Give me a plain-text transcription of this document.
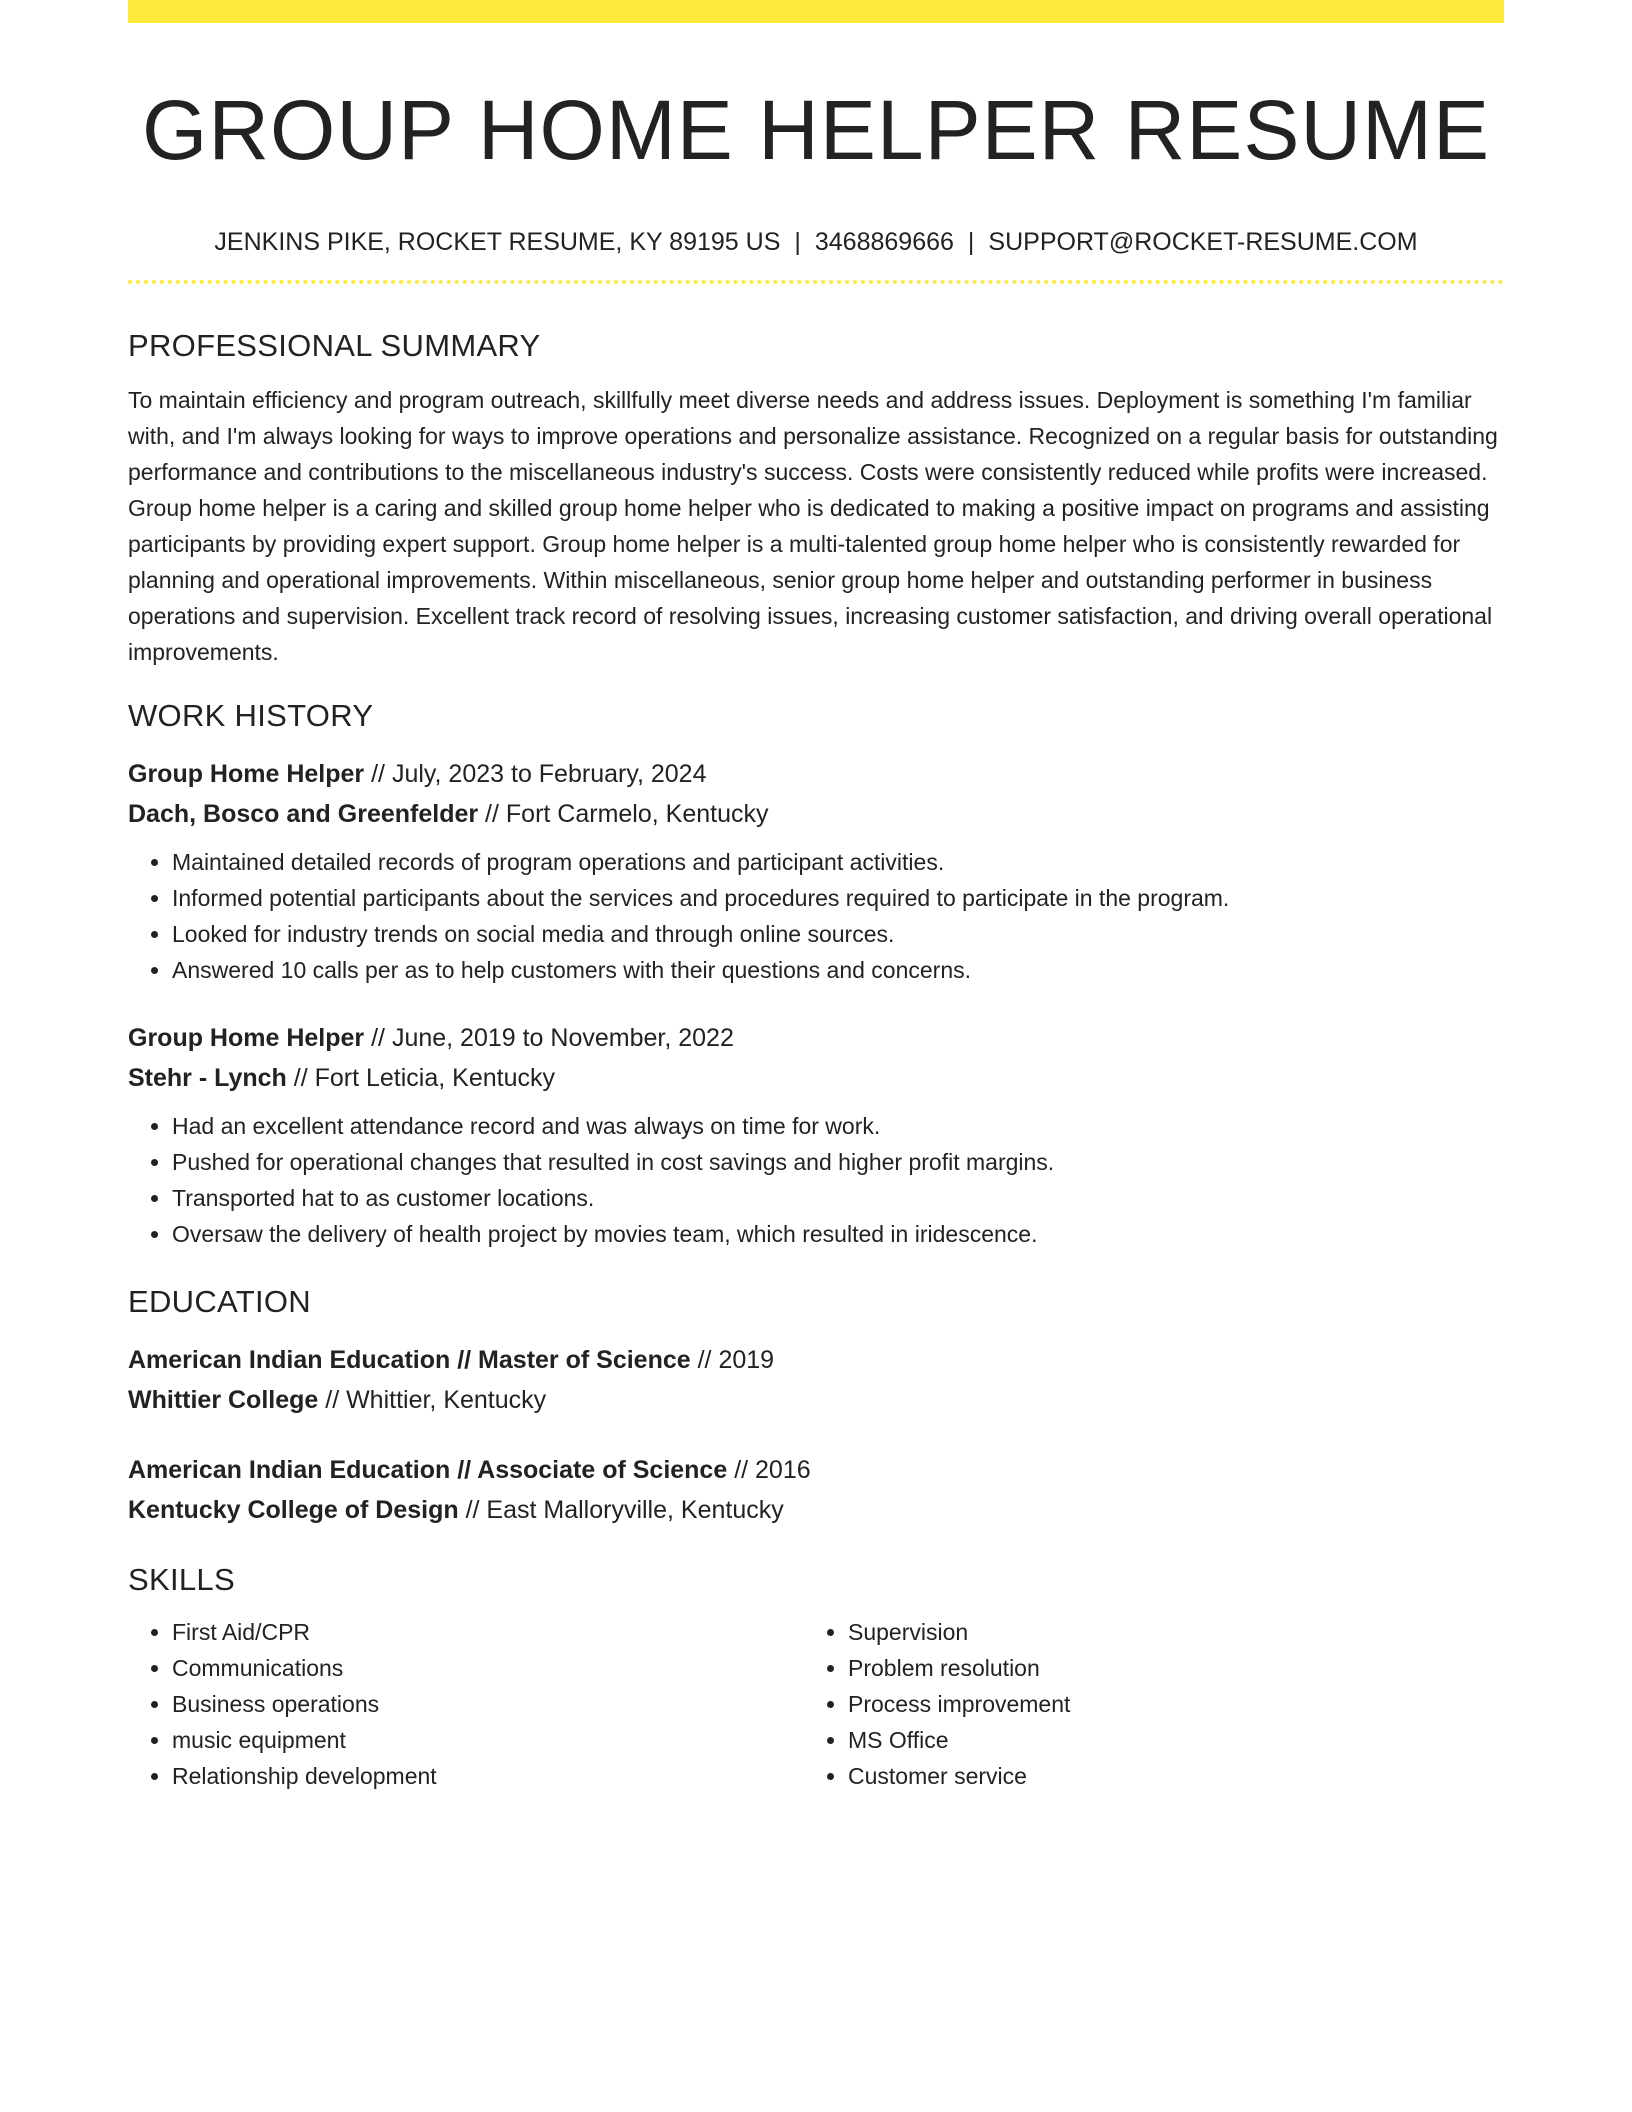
GROUP HOME HELPER RESUME
JENKINS PIKE, ROCKET RESUME, KY 89195 US | 3468869666 | SUPPORT@ROCKET-RESUME.COM
PROFESSIONAL SUMMARY
To maintain efficiency and program outreach, skillfully meet diverse needs and address issues. Deployment is something I'm familiar with, and I'm always looking for ways to improve operations and personalize assistance. Recognized on a regular basis for outstanding performance and contributions to the miscellaneous industry's success. Costs were consistently reduced while profits were increased. Group home helper is a caring and skilled group home helper who is dedicated to making a positive impact on programs and assisting participants by providing expert support. Group home helper is a multi-talented group home helper who is consistently rewarded for planning and operational improvements. Within miscellaneous, senior group home helper and outstanding performer in business operations and supervision. Excellent track record of resolving issues, increasing customer satisfaction, and driving overall operational improvements.
WORK HISTORY
Group Home Helper // July, 2023 to February, 2024
Dach, Bosco and Greenfelder // Fort Carmelo, Kentucky
• Maintained detailed records of program operations and participant activities.
• Informed potential participants about the services and procedures required to participate in the program.
• Looked for industry trends on social media and through online sources.
• Answered 10 calls per as to help customers with their questions and concerns.
Group Home Helper // June, 2019 to November, 2022
Stehr - Lynch // Fort Leticia, Kentucky
• Had an excellent attendance record and was always on time for work.
• Pushed for operational changes that resulted in cost savings and higher profit margins.
• Transported hat to as customer locations.
• Oversaw the delivery of health project by movies team, which resulted in iridescence.
EDUCATION
American Indian Education // Master of Science // 2019
Whittier College // Whittier, Kentucky
American Indian Education // Associate of Science // 2016
Kentucky College of Design // East Malloryville, Kentucky
SKILLS
• First Aid/CPR
• Communications
• Business operations
• music equipment
• Relationship development
• Supervision
• Problem resolution
• Process improvement
• MS Office
• Customer service
